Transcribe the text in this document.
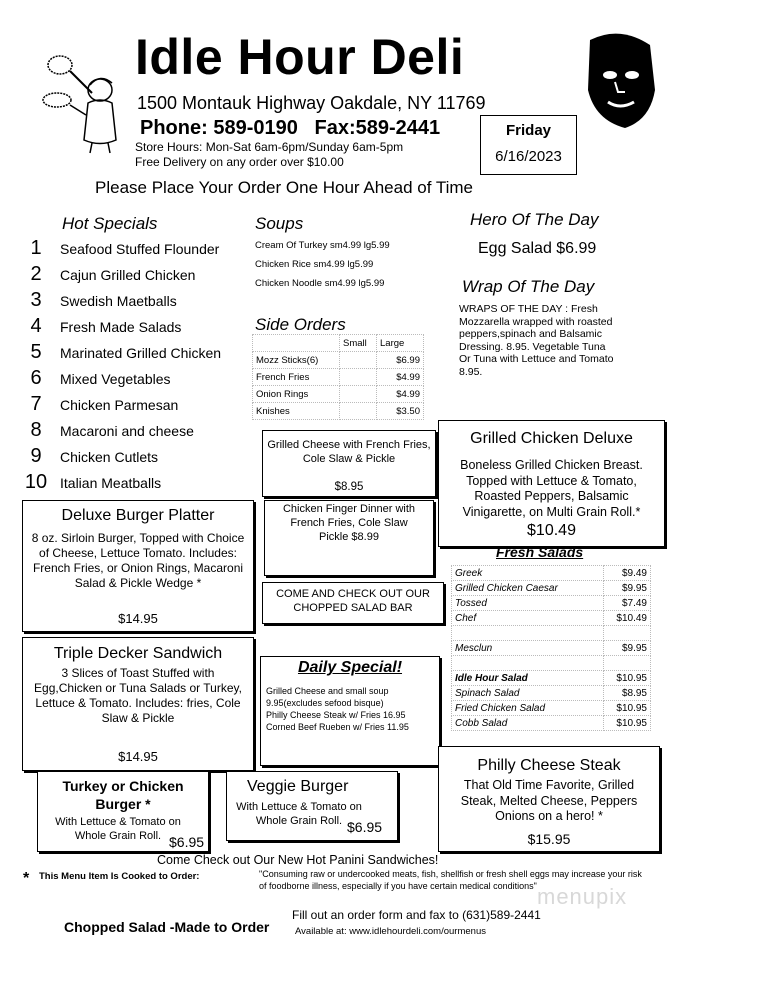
Idle Hour Deli
1500 Montauk Highway Oakdale, NY 11769
Phone: 589-0190   Fax:589-2441
Store Hours: Mon-Sat 6am-6pm/Sunday 6am-5pm
Free Delivery on any order over $10.00
Friday
6/16/2023
Please Place Your Order One Hour Ahead of Time
Hot Specials
1	Seafood Stuffed Flounder
2	Cajun Grilled Chicken
3	Swedish Maetballs
4	Fresh Made Salads
5	Marinated Grilled Chicken
6	Mixed Vegetables
7	Chicken Parmesan
8	Macaroni and cheese
9	Chicken Cutlets
10 Italian Meatballs
Soups
Cream Of Turkey sm4.99 lg5.99
Chicken Rice sm4.99 lg5.99
Chicken Noodle sm4.99 lg5.99
Side Orders
	Small	Large
Mozz Sticks(6)		$6.99
French Fries		$4.99
Onion Rings		$4.99
Knishes		$3.50
Hero Of The Day
Egg Salad $6.99
Wrap Of The Day
WRAPS OF THE DAY : Fresh Mozzarella wrapped with roasted peppers,spinach and Balsamic Dressing. 8.95. Vegetable Tuna Or Tuna with Lettuce and Tomato 8.95.
Grilled Chicken Deluxe
Boneless Grilled Chicken Breast. Topped with Lettuce & Tomato, Roasted Peppers, Balsamic Vinigarette, on Multi Grain Roll.*
$10.49
Grilled Cheese with French Fries, Cole Slaw & Pickle
$8.95
Chicken Finger Dinner with French Fries, Cole Slaw Pickle $8.99
COME AND CHECK OUT OUR CHOPPED SALAD BAR
Deluxe Burger Platter
8 oz. Sirloin Burger, Topped with Choice of Cheese, Lettuce Tomato. Includes: French Fries, or Onion Rings, Macaroni Salad & Pickle Wedge *
$14.95
Triple Decker Sandwich
3 Slices of Toast Stuffed with Egg,Chicken or Tuna Salads or Turkey, Lettuce & Tomato. Includes: fries, Cole Slaw & Pickle
$14.95
Daily Special!
Grilled Cheese and small soup
9.95(excludes sefood bisque)
Philly Cheese Steak w/ Fries 16.95
Corned Beef Rueben w/ Fries 11.95
Fresh Salads
Greek	$9.49
Grilled Chicken Caesar	$9.95
Tossed	$7.49
Chef	$10.49

Mesclun	$9.95

Idle Hour Salad	$10.95
Spinach Salad	$8.95
Fried Chicken Salad	$10.95
Cobb Salad	$10.95
Turkey or Chicken Burger *
With Lettuce & Tomato on Whole Grain Roll. $6.95
Veggie Burger
With Lettuce & Tomato on Whole Grain Roll. $6.95
Philly Cheese Steak
That Old Time Favorite, Grilled Steak, Melted Cheese, Peppers Onions on a hero! *
$15.95
Come Check out Our New Hot Panini Sandwiches!
* This Menu Item Is Cooked to Order:	"Consuming raw or undercooked meats, fish, shellfish or fresh shell eggs may increase your risk of foodborne illness, especially if you have certain medical conditions" menupix
Fill out an order form and fax to (631)589-2441
Chopped Salad -Made to Order	Available at: www.idlehourdeli.com/ourmenus
